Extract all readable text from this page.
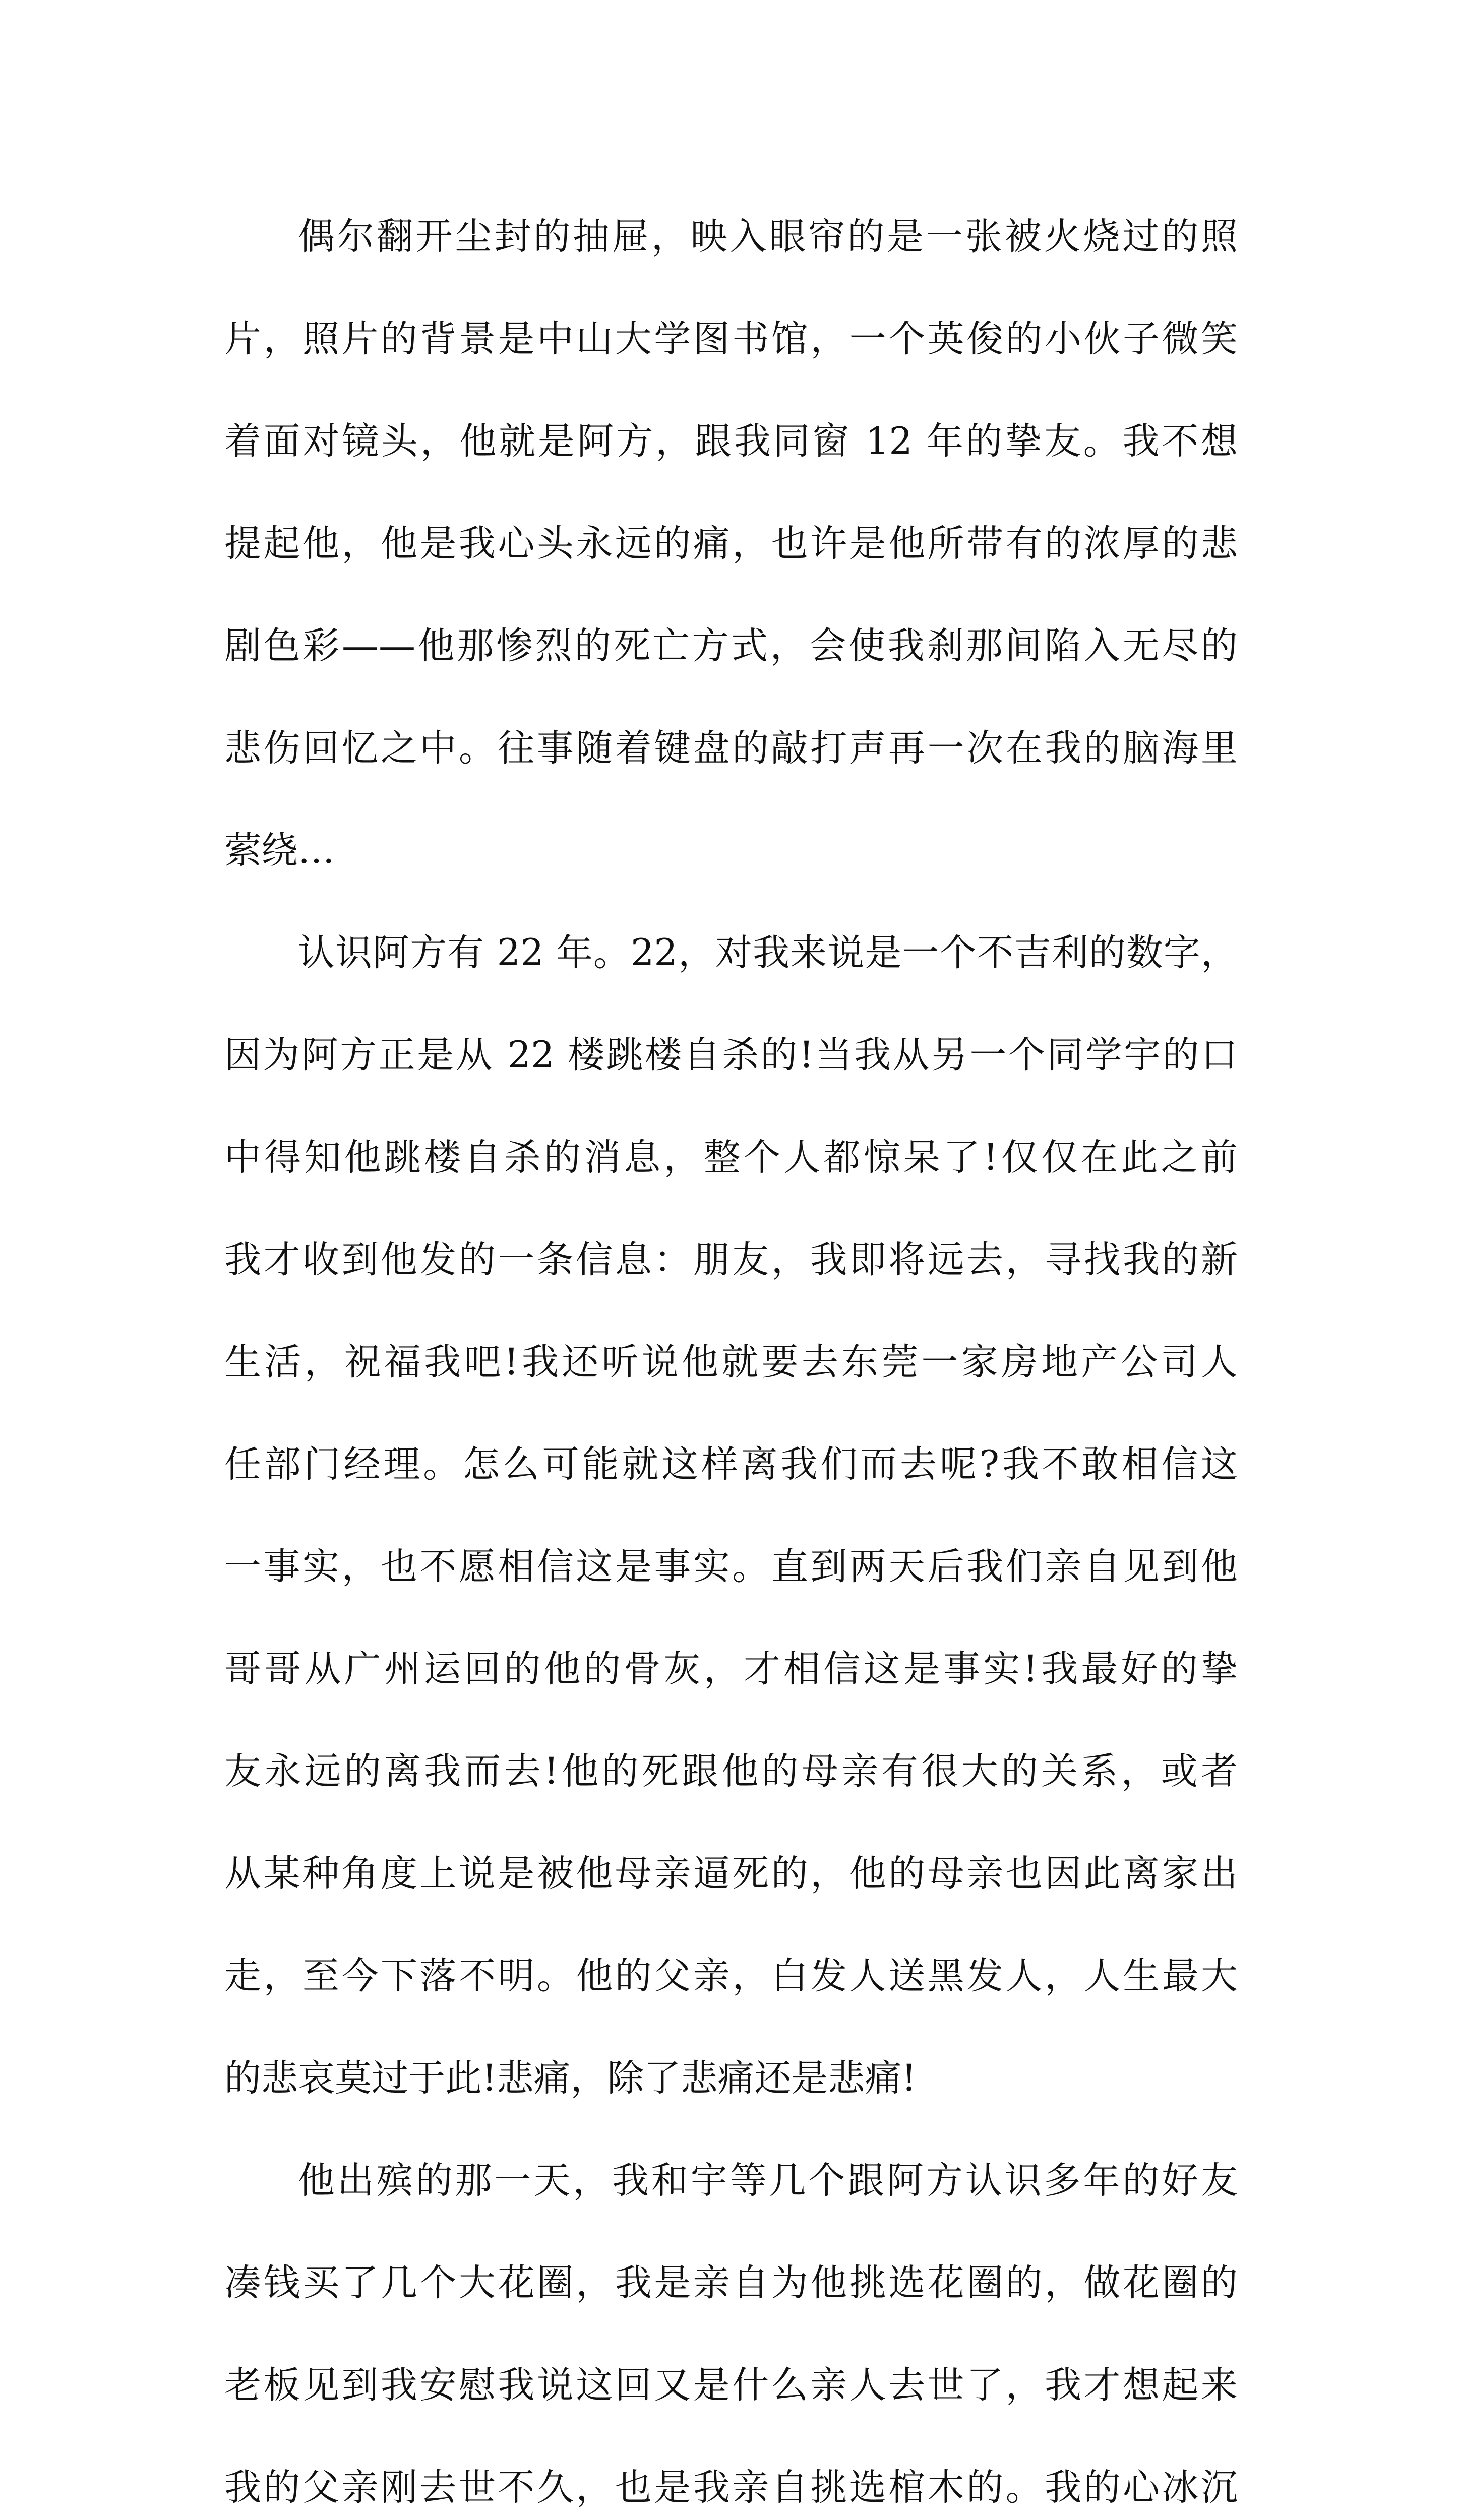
偶尔翻开尘封的抽屉，映入眼帘的是一张被火烧过的照
片，照片的背景是中山大学图书馆，一个英俊的小伙子微笑
着面对镜头，他就是阿方，跟我同窗 12 年的挚友。我不想
提起他，他是我心头永远的痛，也许是他所带有的浓厚的悲
剧色彩——他那惨烈的死亡方式，会使我刹那间陷入无尽的
悲伤回忆之中。往事随着键盘的敲打声再一次在我的脑海里
萦绕…
认识阿方有 22 年。22，对我来说是一个不吉利的数字，
因为阿方正是从 22 楼跳楼自杀的!当我从另一个同学宇的口
中得知他跳楼自杀的消息，整个人都惊呆了!仅仅在此之前
我才收到他发的一条信息：朋友，我即将远去，寻找我的新
生活，祝福我吧!我还听说他就要去东莞一家房地产公司人
任部门经理。怎么可能就这样离我们而去呢?我不敢相信这
一事实，也不愿相信这是事实。直到两天后我们亲自见到他
哥哥从广州运回的他的骨灰，才相信这是事实!我最好的挚
友永远的离我而去!他的死跟他的母亲有很大的关系，或者
从某种角度上说是被他母亲逼死的，他的母亲也因此离家出
走，至今下落不明。他的父亲，白发人送黑发人，人生最大
的悲哀莫过于此!悲痛，除了悲痛还是悲痛!
他出殡的那一天，我和宇等几个跟阿方认识多年的好友
凑钱买了几个大花圈，我是亲自为他挑选花圈的，做花圈的
老板见到我安慰我说这回又是什么亲人去世了，我才想起来
我的父亲刚去世不久，也是我亲自挑选棺木的。我的心冰沉
